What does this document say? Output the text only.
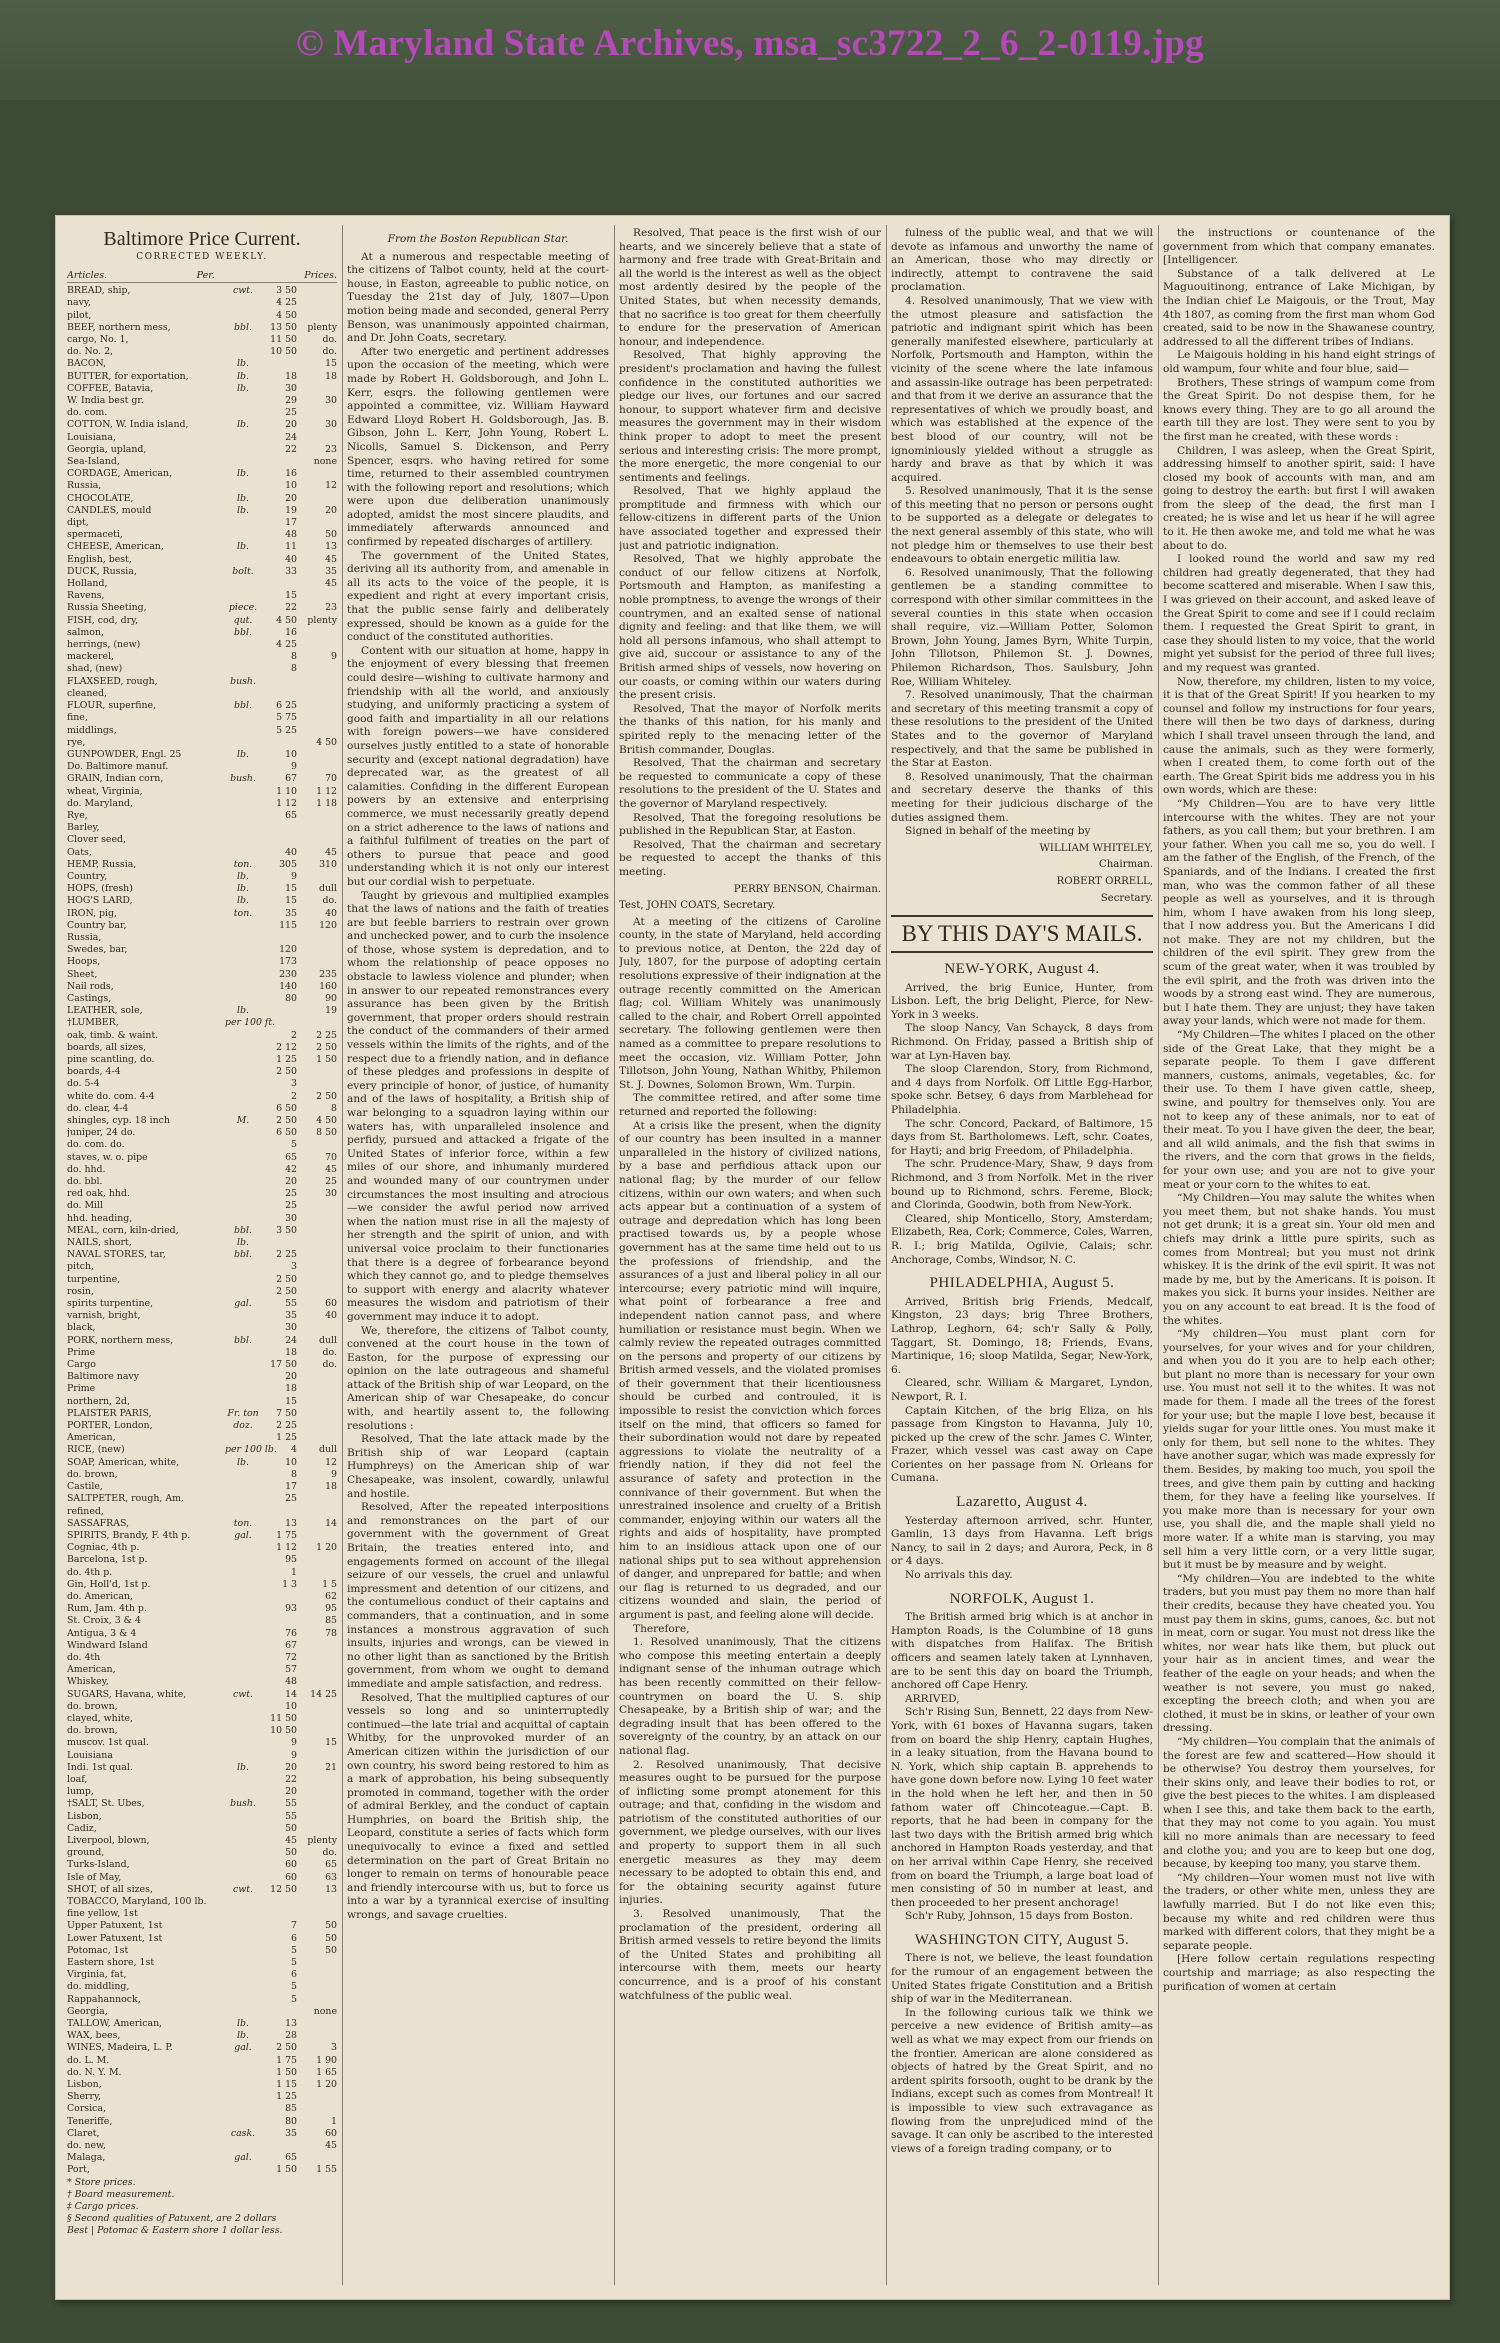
© Maryland State Archives, msa_sc3722_2_6_2-0119.jpg
Baltimore Price Current.
CORRECTED WEEKLY.
Articles.	Per.	Prices.
BREAD, ship,	cwt.	3 50
navy,	4 25
pilot,	4 50
BEEF, northern mess,	bbl.	13 50	plenty
cargo, No. 1,	11 50	do.
do. No. 2,	10 50	do.
BACON,	lb.	15
BUTTER, for exportation,	lb.	18	18
COFFEE, Batavia,	lb.	30
W. India best gr.	29	30
do. com.	25
COTTON, W. India island,	lb.	20	30
Louisiana,	24
Georgia, upland,	22	23
Sea-Island,	none
CORDAGE, American,	lb.	16
Russia,	10	12
CHOCOLATE,	lb.	20
CANDLES, mould	lb.	19	20
dipt,	17
spermaceti,	48	50
CHEESE, American,	lb.	11	13
English, best,	40	45
DUCK, Russia,	bolt.	33	35
Holland,	45
Ravens,	15
Russia Sheeting,	piece.	22	23
FISH, cod, dry,	qut.	4 50	plenty
salmon,	bbl.	16
herrings, (new)	4 25
mackerel,	8	9
shad, (new)	8
FLAXSEED, rough,	bush.
cleaned,
FLOUR, superfine,	bbl.	6 25
fine,	5 75
middlings,	5 25
rye,	4 50
GUNPOWDER, Engl. 25	lb.	10
Do. Baltimore manuf.	9
GRAIN, Indian corn,	bush.	67	70
wheat, Virginia,	1 10	1 12
do. Maryland,	1 12	1 18
Rye,	65
Barley,
Clover seed,
Oats,	40	45
HEMP, Russia,	ton.	305	310
Country,	lb.	9
HOPS, (fresh)	lb.	15	dull
HOG'S LARD,	lb.	15	do.
IRON, pig,	ton.	35	40
Country bar,	115	120
Russia,
Swedes, bar,	120
Hoops,	173
Sheet,	230	235
Nail rods,	140	160
Castings,	80	90
LEATHER, sole,	lb.	19
†LUMBER,	per 100 ft.
oak, timb. & waint.	2	2 25
boards, all sizes,	2 12	2 50
pine scantling, do.	1 25	1 50
boards, 4-4	2 50
do. 5-4	3
white do. com. 4-4	2	2 50
do. clear, 4-4	6 50	8
shingles, cyp. 18 inch	M.	2 50	4 50
juniper, 24 do.	6 50	8 50
do. com. do.	5
staves, w. o. pipe	65	70
do. hhd.	42	45
do. bbl.	20	25
red oak, hhd.	25	30
do. Mill	25
hhd. heading,	30
MEAL, corn, kiln-dried,	bbl.	3 50
NAILS, short,	lb.
NAVAL STORES, tar,	bbl.	2 25
pitch,	3
turpentine,	2 50
rosin,	2 50
spirits turpentine,	gal.	55	60
varnish, bright,	35	40
black,	30
PORK, northern mess,	bbl.	24	dull
Prime	18	do.
Cargo	17 50	do.
Baltimore navy	20
Prime	18
northern, 2d,	15
PLAISTER PARIS,	Fr. ton	7 50
PORTER, London,	doz.	2 25
American,	1 25
RICE, (new)	per 100 lb.	4	dull
SOAP, American, white,	lb.	10	12
do. brown,	8	9
Castile,	17	18
SALTPETER, rough, Am.	25
refined,
SASSAFRAS,	ton.	13	14
SPIRITS, Brandy, F. 4th p.	gal.	1 75
Cogniac, 4th p.	1 12	1 20
Barcelona, 1st p.	95
do. 4th p.	1
Gin, Holl'd, 1st p.	1 3	1 5
do. American,	62
Rum, Jam. 4th p.	93	95
St. Croix, 3 & 4	85
Antigua, 3 & 4	76	78
Windward Island	67
do. 4th	72
American,	57
Whiskey,	48
SUGARS, Havana, white,	cwt.	14	14 25
do. brown,	10
clayed, white,	11 50
do. brown,	10 50
muscov. 1st qual.	9	15
Louisiana	9
Indi. 1st qual.	lb.	20	21
loaf,	22
lump,	20
†SALT, St. Ubes,	bush.	55
Lisbon,	55
Cadiz,	50
Liverpool, blown,	45	plenty
ground,	50	do.
Turks-Island,	60	65
Isle of May,	60	63
SHOT, of all sizes,	cwt.	12 50	13
TOBACCO, Maryland, 100 lb.
fine yellow, 1st
Upper Patuxent, 1st	7	50
Lower Patuxent, 1st	6	50
Potomac, 1st	5	50
Eastern shore, 1st	5
Virginia, fat,	6
do. middling,	5
Rappahannock,	5
Georgia,	none
TALLOW, American,	lb.	13
WAX, bees,	lb.	28
WINES, Madeira, L. P.	gal.	2 50	3
do. L. M.	1 75	1 90
do. N. Y. M.	1 50	1 65
Lisbon,	1 15	1 20
Sherry,	1 25
Corsica,	85
Teneriffe,	80	1
Claret,	cask.	35	60
do. new,	45
Malaga,	gal.	65
Port,	1 50	1 55
* Store prices.
† Board measurement.
‡ Cargo prices.
§ Second qualities of Patuxent, are 2 dollars
Best | Potomac & Eastern shore 1 dollar less.
From the Boston Republican Star.

At a numerous and respectable meeting of the citizens of Talbot county, held at the court-house, in Easton, agreeable to public notice, on Tuesday the 21st day of July, 1807—Upon motion being made and seconded, general Perry Benson, was unanimously appointed chairman, and Dr. John Coats, secretary.

After two energetic and pertinent addresses upon the occasion of the meeting, which were made by Robert H. Goldsborough, and John L. Kerr, esqrs. the following gentlemen were appointed a committee, viz. William Hayward Edward Lloyd Robert H. Goldsborough, Jas. B. Gibson, John L. Kerr, John Young, Robert L. Nicolls, Samuel S. Dickenson, and Perry Spencer, esqrs. who having retired for some time, returned to their assembled countrymen with the following report and resolutions; which were upon due deliberation unanimously adopted, amidst the most sincere plaudits, and immediately afterwards announced and confirmed by repeated discharges of artillery.

The government of the United States, deriving all its authority from, and amenable in all its acts to the voice of the people, it is expedient and right at every important crisis, that the public sense fairly and deliberately expressed, should be known as a guide for the conduct of the constituted authorities.

Content with our situation at home, happy in the enjoyment of every blessing that freemen could desire—wishing to cultivate harmony and friendship with all the world, and anxiously studying, and uniformly practicing a system of good faith and impartiality in all our relations with foreign powers—we have considered ourselves justly entitled to a state of honorable security and (except national degradation) have deprecated war, as the greatest of all calamities. Confiding in the different European powers by an extensive and enterprising commerce, we must necessarily greatly depend on a strict adherence to the laws of nations and a faithful fulfilment of treaties on the part of others to pursue that peace and good understanding which it is not only our interest but our cordial wish to perpetuate.

Taught by grievous and multiplied examples that the laws of nations and the faith of treaties are but feeble barriers to restrain over grown and unchecked power, and to curb the insolence of those, whose system is depredation, and to whom the relationship of peace opposes no obstacle to lawless violence and plunder; when in answer to our repeated remonstrances every assurance has been given by the British government, that proper orders should restrain the conduct of the commanders of their armed vessels within the limits of the rights, and of the respect due to a friendly nation, and in defiance of these pledges and professions in despite of every principle of honor, of justice, of humanity and of the laws of hospitality, a British ship of war belonging to a squadron laying within our waters has, with unparalleled insolence and perfidy, pursued and attacked a frigate of the United States of inferior force, within a few miles of our shore, and inhumanly murdered and wounded many of our countrymen under circumstances the most insulting and atrocious—we consider the awful period now arrived when the nation must rise in all the majesty of her strength and the spirit of union, and with universal voice proclaim to their functionaries that there is a degree of forbearance beyond which they cannot go, and to pledge themselves to support with energy and alacrity whatever measures the wisdom and patriotism of their government may induce it to adopt.

We, therefore, the citizens of Talbot county, convened at the court house in the town of Easton, for the purpose of expressing our opinion on the late outrageous and shameful attack of the British ship of war Leopard, on the American ship of war Chesapeake, do concur with, and heartily assent to, the following resolutions :

Resolved, That the late attack made by the British ship of war Leopard (captain Humphreys) on the American ship of war Chesapeake, was insolent, cowardly, unlawful and hostile.

Resolved, After the repeated interpositions and remonstrances on the part of our government with the government of Great Britain, the treaties entered into, and engagements formed on account of the illegal seizure of our vessels, the cruel and unlawful impressment and detention of our citizens, and the contumelious conduct of their captains and commanders, that a continuation, and in some instances a monstrous aggravation of such insults, injuries and wrongs, can be viewed in no other light than as sanctioned by the British government, from whom we ought to demand immediate and ample satisfaction, and redress.

Resolved, That the multiplied captures of our vessels so long and so uninterruptedly continued—the late trial and acquittal of captain Whitby, for the unprovoked murder of an American citizen within the jurisdiction of our own country, his sword being restored to him as a mark of approbation, his being subsequently promoted in command, together with the order of admiral Berkley, and the conduct of captain Humphries, on board the British ship, the Leopard, constitute a series of facts which form unequivocally to evince a fixed and settled determination on the part of Great Britain no longer to remain on terms of honourable peace and friendly intercourse with us, but to force us into a war by a tyrannical exercise of insulting wrongs, and savage cruelties.

Resolved, That peace is the first wish of our hearts, and we sincerely believe that a state of harmony and free trade with Great-Britain and all the world is the interest as well as the object most ardently desired by the people of the United States, but when necessity demands, that no sacrifice is too great for them cheerfully to endure for the preservation of American honour, and independence.

Resolved, That highly approving the president's proclamation and having the fullest confidence in the constituted authorities we pledge our lives, our fortunes and our sacred honour, to support whatever firm and decisive measures the government may in their wisdom think proper to adopt to meet the present serious and interesting crisis: The more prompt, the more energetic, the more congenial to our sentiments and feelings.

Resolved, That we highly applaud the promptitude and firmness with which our fellow-citizens in different parts of the Union have associated together and expressed their just and patriotic indignation.

Resolved, That we highly approbate the conduct of our fellow citizens at Norfolk, Portsmouth and Hampton, as manifesting a noble promptness, to avenge the wrongs of their countrymen, and an exalted sense of national dignity and feeling: and that like them, we will hold all persons infamous, who shall attempt to give aid, succour or assistance to any of the British armed ships of vessels, now hovering on our coasts, or coming within our waters during the present crisis.

Resolved, That the mayor of Norfolk merits the thanks of this nation, for his manly and spirited reply to the menacing letter of the British commander, Douglas.

Resolved, That the chairman and secretary be requested to communicate a copy of these resolutions to the president of the U. States and the governor of Maryland respectively.

Resolved, That the foregoing resolutions be published in the Republican Star, at Easton.

Resolved, That the chairman and secretary be requested to accept the thanks of this meeting.

PERRY BENSON, Chairman.
Test, JOHN COATS, Secretary.

At a meeting of the citizens of Caroline county, in the state of Maryland, held according to previous notice, at Denton, the 22d day of July, 1807, for the purpose of adopting certain resolutions expressive of their indignation at the outrage recently committed on the American flag; col. William Whitely was unanimously called to the chair, and Robert Orrell appointed secretary. The following gentlemen were then named as a committee to prepare resolutions to meet the occasion, viz. William Potter, John Tillotson, John Young, Nathan Whitby, Philemon St. J. Downes, Solomon Brown, Wm. Turpin.

The committee retired, and after some time returned and reported the following:

At a crisis like the present, when the dignity of our country has been insulted in a manner unparalleled in the history of civilized nations, by a base and perfidious attack upon our national flag; by the murder of our fellow citizens, within our own waters; and when such acts appear but a continuation of a system of outrage and depredation which has long been practised towards us, by a people whose government has at the same time held out to us the professions of friendship, and the assurances of a just and liberal policy in all our intercourse; every patriotic mind will inquire, what point of forbearance a free and independent nation cannot pass, and where humiliation or resistance must begin. When we calmly review the repeated outrages committed on the persons and property of our citizens by British armed vessels, and the violated promises of their government that their licentiousness should be curbed and controuled, it is impossible to resist the conviction which forces itself on the mind, that officers so famed for their subordination would not dare by repeated aggressions to violate the neutrality of a friendly nation, if they did not feel the assurance of safety and protection in the connivance of their government. But when the unrestrained insolence and cruelty of a British commander, enjoying within our waters all the rights and aids of hospitality, have prompted him to an insidious attack upon one of our national ships put to sea without apprehension of danger, and unprepared for battle; and when our flag is returned to us degraded, and our citizens wounded and slain, the period of argument is past, and feeling alone will decide.

Therefore,

1. Resolved unanimously, That the citizens who compose this meeting entertain a deeply indignant sense of the inhuman outrage which has been recently committed on their fellow-countrymen on board the U. S. ship Chesapeake, by a British ship of war; and the degrading insult that has been offered to the sovereignty of the country, by an attack on our national flag.

2. Resolved unanimously, That decisive measures ought to be pursued for the purpose of inflicting some prompt atonement for this outrage; and that, confiding in the wisdom and patriotism of the constituted authorities of our government, we pledge ourselves, with our lives and property to support them in all such energetic measures as they may deem necessary to be adopted to obtain this end, and for the obtaining security against future injuries.

3. Resolved unanimously, That the proclamation of the president, ordering all British armed vessels to retire beyond the limits of the United States and prohibiting all intercourse with them, meets our hearty concurrence, and is a proof of his constant watchfulness of the public weal.

fulness of the public weal, and that we will devote as infamous and unworthy the name of an American, those who may directly or indirectly, attempt to contravene the said proclamation.

4. Resolved unanimously, That we view with the utmost pleasure and satisfaction the patriotic and indignant spirit which has been generally manifested elsewhere, particularly at Norfolk, Portsmouth and Hampton, within the vicinity of the scene where the late infamous and assassin-like outrage has been perpetrated: and that from it we derive an assurance that the representatives of which we proudly boast, and which was established at the expence of the best blood of our country, will not be ignominiously yielded without a struggle as hardy and brave as that by which it was acquired.

5. Resolved unanimously, That it is the sense of this meeting that no person or persons ought to be supported as a delegate or delegates to the next general assembly of this state, who will not pledge him or themselves to use their best endeavours to obtain energetic militia law.

6. Resolved unanimously, That the following gentlemen be a standing committee to correspond with other similar committees in the several counties in this state when occasion shall require, viz.—William Potter, Solomon Brown, John Young, James Byrn, White Turpin, John Tillotson, Philemon St. J. Downes, Philemon Richardson, Thos. Saulsbury, John Roe, William Whiteley.

7. Resolved unanimously, That the chairman and secretary of this meeting transmit a copy of these resolutions to the president of the United States and to the governor of Maryland respectively, and that the same be published in the Star at Easton.

8. Resolved unanimously, That the chairman and secretary deserve the thanks of this meeting for their judicious discharge of the duties assigned them.

Signed in behalf of the meeting by

WILLIAM WHITELEY,
Chairman.
ROBERT ORRELL,
Secretary.
BY THIS DAY'S MAILS.
NEW-YORK, August 4.

Arrived, the brig Eunice, Hunter, from Lisbon. Left, the brig Delight, Pierce, for New-York in 3 weeks.

The sloop Nancy, Van Schayck, 8 days from Richmond. On Friday, passed a British ship of war at Lyn-Haven bay.

The sloop Clarendon, Story, from Richmond, and 4 days from Norfolk. Off Little Egg-Harbor, spoke schr. Betsey, 6 days from Marblehead for Philadelphia.

The schr. Concord, Packard, of Baltimore, 15 days from St. Bartholomews. Left, schr. Coates, for Hayti; and brig Freedom, of Philadelphia.

The schr. Prudence-Mary, Shaw, 9 days from Richmond, and 3 from Norfolk. Met in the river bound up to Richmond, schrs. Fereme, Block; and Clorinda, Goodwin, both from New-York.

Cleared, ship Monticello, Story, Amsterdam; Elizabeth, Rea, Cork; Commerce, Coles, Warren, R. I.; brig Matilda, Ogilvie, Calais; schr. Anchorage, Combs, Windsor, N. C.

PHILADELPHIA, August 5.

Arrived, British brig Friends, Medcalf, Kingston, 23 days; brig Three Brothers, Lathrop, Leghorn, 64; sch'r Sally & Polly, Taggart, St. Domingo, 18; Friends, Evans, Martinique, 16; sloop Matilda, Segar, New-York, 6.

Cleared, schr. William & Margaret, Lyndon, Newport, R. I.

Captain Kitchen, of the brig Eliza, on his passage from Kingston to Havanna, July 10, picked up the crew of the schr. James C. Winter, Frazer, which vessel was cast away on Cape Corientes on her passage from N. Orleans for Cumana.

Lazaretto, August 4.

Yesterday afternoon arrived, schr. Hunter, Gamlin, 13 days from Havanna. Left brigs Nancy, to sail in 2 days; and Aurora, Peck, in 8 or 4 days.

No arrivals this day.

NORFOLK, August 1.

The British armed brig which is at anchor in Hampton Roads, is the Columbine of 18 guns with dispatches from Halifax. The British officers and seamen lately taken at Lynnhaven, are to be sent this day on board the Triumph, anchored off Cape Henry.

ARRIVED,

Sch'r Rising Sun, Bennett, 22 days from New-York, with 61 boxes of Havanna sugars, taken from on board the ship Henry, captain Hughes, in a leaky situation, from the Havana bound to N. York, which ship captain B. apprehends to have gone down before now. Lying 10 feet water in the hold when he left her, and then in 50 fathom water off Chincoteague.—Capt. B. reports, that he had been in company for the last two days with the British armed brig which anchored in Hampton Roads yesterday, and that on her arrival within Cape Henry, she received from on board the Triumph, a large boat load of men consisting of 50 in number at least, and then proceeded to her present anchorage!

Sch'r Ruby, Johnson, 15 days from Boston.

WASHINGTON CITY, August 5.

There is not, we believe, the least foundation for the rumour of an engagement between the United States frigate Constitution and a British ship of war in the Mediterranean.

In the following curious talk we think we perceive a new evidence of British amity—as well as what we may expect from our friends on the frontier. American are alone considered as objects of hatred by the Great Spirit, and no ardent spirits forsooth, ought to be drank by the Indians, except such as comes from Montreal! It is impossible to view such extravagance as flowing from the unprejudiced mind of the savage. It can only be ascribed to the interested views of a foreign trading company, or to

the instructions or countenance of the government from which that company emanates. [Intelligencer.

Substance of a talk delivered at Le Maguouitinong, entrance of Lake Michigan, by the Indian chief Le Maigouis, or the Trout, May 4th 1807, as coming from the first man whom God created, said to be now in the Shawanese country, addressed to all the different tribes of Indians.

Le Maigouis holding in his hand eight strings of old wampum, four white and four blue, said—

Brothers, These strings of wampum come from the Great Spirit. Do not despise them, for he knows every thing. They are to go all around the earth till they are lost. They were sent to you by the first man he created, with these words :

Children, I was asleep, when the Great Spirit, addressing himself to another spirit, said: I have closed my book of accounts with man, and am going to destroy the earth: but first I will awaken from the sleep of the dead, the first man I created; he is wise and let us hear if he will agree to it. He then awoke me, and told me what he was about to do.

I looked round the world and saw my red children had greatly degenerated, that they had become scattered and miserable. When I saw this, I was grieved on their account, and asked leave of the Great Spirit to come and see if I could reclaim them. I requested the Great Spirit to grant, in case they should listen to my voice, that the world might yet subsist for the period of three full lives; and my request was granted.

Now, therefore, my children, listen to my voice, it is that of the Great Spirit! If you hearken to my counsel and follow my instructions for four years, there will then be two days of darkness, during which I shall travel unseen through the land, and cause the animals, such as they were formerly, when I created them, to come forth out of the earth. The Great Spirit bids me address you in his own words, which are these:

“My Children—You are to have very little intercourse with the whites. They are not your fathers, as you call them; but your brethren. I am your father. When you call me so, you do well. I am the father of the English, of the French, of the Spaniards, and of the Indians. I created the first man, who was the common father of all these people as well as yourselves, and it is through him, whom I have awaken from his long sleep, that I now address you. But the Americans I did not make. They are not my children, but the children of the evil spirit. They grew from the scum of the great water, when it was troubled by the evil spirit, and the froth was driven into the woods by a strong east wind. They are numerous, but I hate them. They are unjust; they have taken away your lands, which were not made for them.

“My Children—The whites I placed on the other side of the Great Lake, that they might be a separate people. To them I gave different manners, customs, animals, vegetables, &c. for their use. To them I have given cattle, sheep, swine, and poultry for themselves only. You are not to keep any of these animals, nor to eat of their meat. To you I have given the deer, the bear, and all wild animals, and the fish that swims in the rivers, and the corn that grows in the fields, for your own use; and you are not to give your meat or your corn to the whites to eat.

“My Children—You may salute the whites when you meet them, but not shake hands. You must not get drunk; it is a great sin. Your old men and chiefs may drink a little pure spirits, such as comes from Montreal; but you must not drink whiskey. It is the drink of the evil spirit. It was not made by me, but by the Americans. It is poison. It makes you sick. It burns your insides. Neither are you on any account to eat bread. It is the food of the whites.

“My children—You must plant corn for yourselves, for your wives and for your children, and when you do it you are to help each other; but plant no more than is necessary for your own use. You must not sell it to the whites. It was not made for them. I made all the trees of the forest for your use; but the maple I love best, because it yields sugar for your little ones. You must make it only for them, but sell none to the whites. They have another sugar, which was made expressly for them. Besides, by making too much, you spoil the trees, and give them pain by cutting and hacking them, for they have a feeling like yourselves. If you make more than is necessary for your own use, you shall die, and the maple shall yield no more water. If a white man is starving, you may sell him a very little corn, or a very little sugar, but it must be by measure and by weight.

“My children—You are indebted to the white traders, but you must pay them no more than half their credits, because they have cheated you. You must pay them in skins, gums, canoes, &c. but not in meat, corn or sugar. You must not dress like the whites, nor wear hats like them, but pluck out your hair as in ancient times, and wear the feather of the eagle on your heads; and when the weather is not severe, you must go naked, excepting the breech cloth; and when you are clothed, it must be in skins, or leather of your own dressing.

“My children—You complain that the animals of the forest are few and scattered—How should it be otherwise? You destroy them yourselves, for their skins only, and leave their bodies to rot, or give the best pieces to the whites. I am displeased when I see this, and take them back to the earth, that they may not come to you again. You must kill no more animals than are necessary to feed and clothe you; and you are to keep but one dog, because, by keeping too many, you starve them.

“My children—Your women must not live with the traders, or other white men, unless they are lawfully married. But I do not like even this; because my white and red children were thus marked with different colors, that they might be a separate people.

[Here follow certain regulations respecting courtship and marriage; as also respecting the purification of women at certain
